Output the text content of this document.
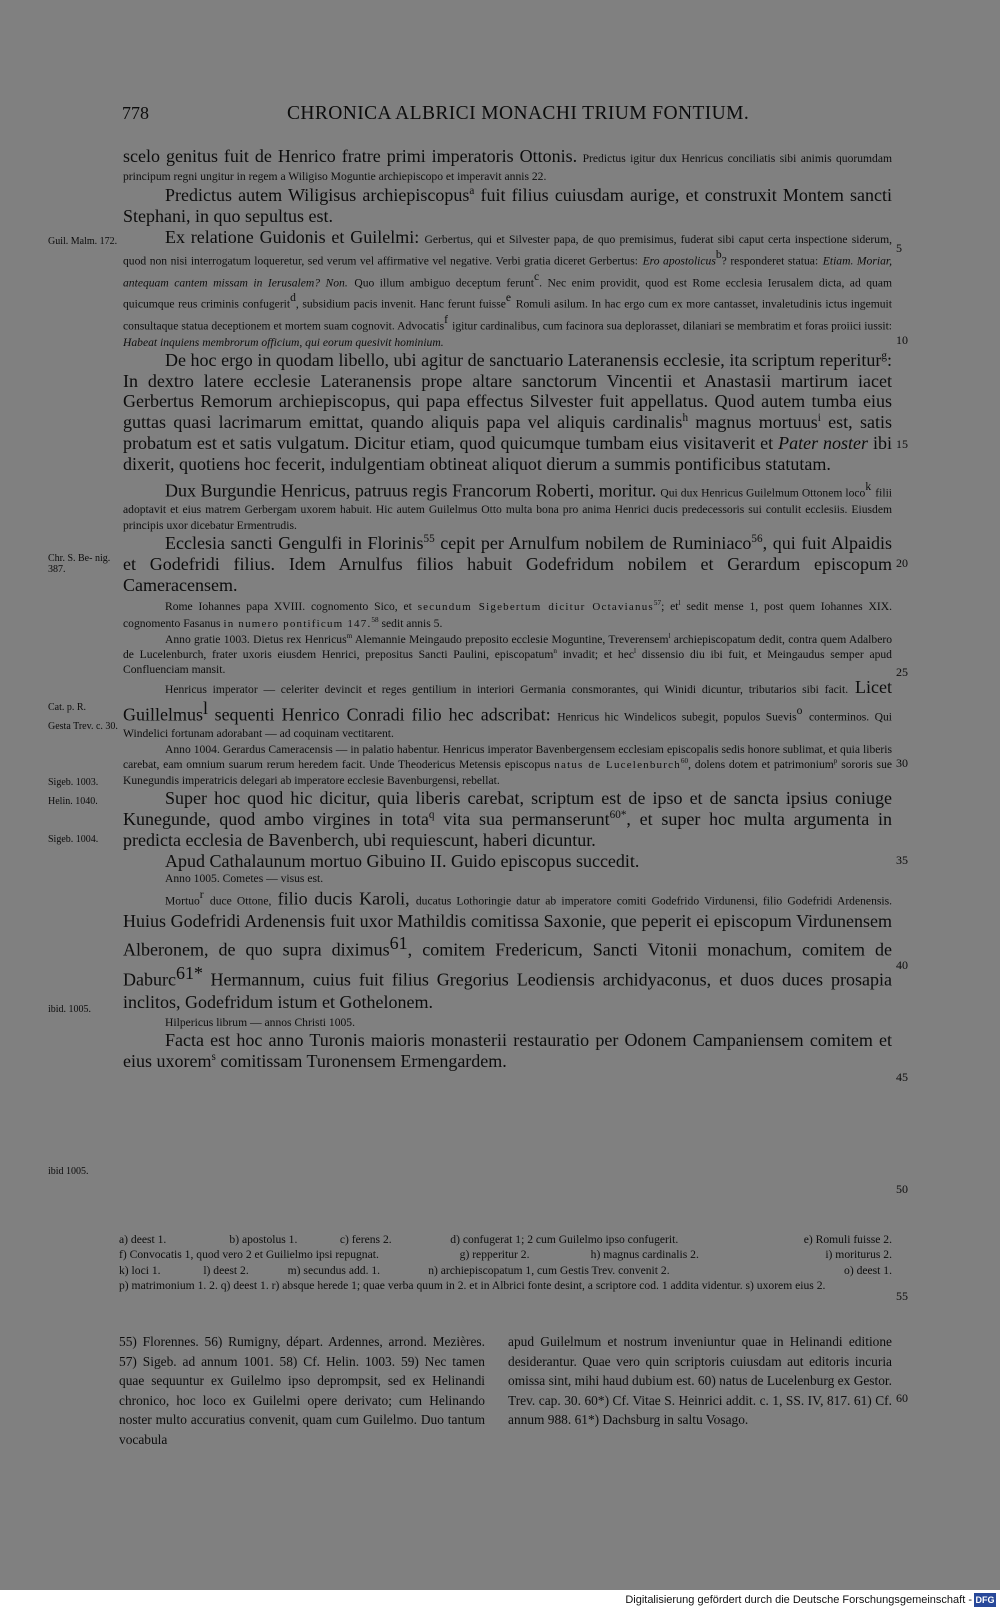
778	CHRONICA ALBRICI MONACHI TRIUM FONTIUM.
Guil. Malm. 172.
Chr. S. Be- nig. 387.
Cat. p. R.
Gesta Trev. c. 30.
Sigeb. 1003.
Helin. 1040.
Sigeb. 1004.
ibid. 1005.
ibid 1005.
5
10
15
20
25
30
35
40
45
50
55
60

scelo genitus fuit de Henrico fratre primi imperatoris Ottonis. Predictus igitur dux Henricus conciliatis sibi animis quorumdam principum regni ungitur in regem a Wiligiso Moguntie archiepiscopo et imperavit annis 22.

Predictus autem Wiligisus archiepiscopus$^a$ fuit filius cuiusdam aurige, et construxit Montem sancti Stephani, in quo sepultus est.

Ex relatione Guidonis et Guilelmi: Gerbertus, qui et Silvester papa, de quo premisimus, fuderat sibi caput certa inspectione siderum, quod non nisi interrogatum loqueretur, sed verum vel affirmative vel negative. Verbi gratia diceret Gerbertus: Ero apostolicus$^b$? responderet statua: Etiam. Moriar, antequam cantem missam in Ierusalem? Non. Quo illum ambiguo deceptum ferunt$^c$. Nec enim providit, quod est Rome ecclesia Ierusalem dicta, ad quam quicumque reus criminis confugerit$^d$, subsidium pacis invenit. Hanc ferunt fuisse$^e$ Romuli asilum. In hac ergo cum ex more cantasset, invaletudinis ictus ingemuit consultaque statua deceptionem et mortem suam cognovit. Advocatis$^f$ igitur cardinalibus, cum facinora sua deplorasset, dilaniari se membratim et foras proiici iussit: Habeat inquiens membrorum officium, qui eorum quesivit hominium.

De hoc ergo in quodam libello, ubi agitur de sanctuario Lateranensis ecclesie, ita scriptum reperitur$^g$: In dextro latere ecclesie Lateranensis prope altare sanctorum Vincentii et Anastasii martirum iacet Gerbertus Remorum archiepiscopus, qui papa effectus Silvester fuit appellatus. Quod autem tumba eius guttas quasi lacrimarum emittat, quando aliquis papa vel aliquis cardinalis$^h$ magnus mortuus$^i$ est, satis probatum est et satis vulgatum. Dicitur etiam, quod quicumque tumbam eius visitaverit et Pater noster ibi dixerit, quotiens hoc fecerit, indulgentiam obtineat aliquot dierum a summis pontificibus statutam.

Dux Burgundie Henricus, patruus regis Francorum Roberti, moritur. Qui dux Henricus Guilelmum Ottonem loco$^k$ filii adoptavit et eius matrem Gerbergam uxorem habuit. Hic autem Guilelmus Otto multa bona pro anima Henrici ducis predecessoris sui contulit ecclesiis. Eiusdem principis uxor dicebatur Ermentrudis.

Ecclesia sancti Gengulfi in Florinis$^{55}$ cepit per Arnulfum nobilem de Ruminiaco$^{56}$, qui fuit Alpaidis et Godefridi filius. Idem Arnulfus filios habuit Godefridum nobilem et Gerardum episcopum Cameracensem.

Rome Iohannes papa XVIII. cognomento Sico, et secundum Sigebertum dicitur Octavianus$^{57}$; $et^l$ sedit mense 1, post quem Iohannes XIX. cognomento Fasanus in numero pontificum 147.58 sedit annis 5.

Anno gratie 1003. Dietus rex Henricus$^m$ Alemannie Meingaudo preposito ecclesie Moguntine, Treverensem$^l$ archiepiscopatum dedit, contra quem Adalbero de Lucelenburch, frater uxoris eiusdem Henrici, prepositus Sancti Paulini, episcopatum$^n$ invadit; et hec$^l$ dissensio diu ibi fuit, et Meingaudus semper apud Confluenciam mansit.

Henricus imperator — celeriter devincit et reges gentilium in interiori Germania consmorantes, qui Winidi dicuntur, tributarios sibi facit. Licet Guillelmus$^l$ sequenti Henrico Conradi filio hec adscribat: Henricus hic Windelicos subegit, populos Suevis$^o$ conterminos. Qui Windelici fortunam adorabant — ad coquinam vectitarent.

Anno 1004. Gerardus Cameracensis — in palatio habentur. Henricus imperator Bavenbergensem ecclesiam episcopalis sedis honore sublimat, et quia liberis carebat, eam omnium suarum rerum heredem facit. Unde Theodericus Metensis episcopus natus de Lucelenburch$^{60}$, dolens dotem et patrimonium$^p$ sororis sue Kunegundis imperatricis delegari ab imperatore ecclesie Bavenburgensi, rebellat.

Super hoc quod hic dicitur, quia liberis carebat, scriptum est de ipso et de sancta ipsius coniuge Kunegunde, quod ambo virgines in tota$^q$ vita sua permanserunt$^{60*}$, et super hoc multa argumenta in predicta ecclesia de Bavenberch, ubi requiescunt, haberi dicuntur.

Apud Cathalaunum mortuo Gibuino II. Guido episcopus succedit.

Anno 1005. Cometes — visus est.

Mortuo$^r$ duce Ottone, filio ducis Karoli, ducatus Lothoringie datur ab imperatore comiti Godefrido Virdunensi, filio Godefridi Ardenensis. Huius Godefridi Ardenensis fuit uxor Mathildis comitissa Saxonie, que peperit ei episcopum Virdunensem Alberonem, de quo supra diximus$^{61}$, comitem Fredericum, Sancti Vitonii monachum, comitem de Daburc$^{61*}$ Hermannum, cuius fuit filius Gregorius Leodiensis archidyaconus, et duos duces prosapia inclitos, Godefridum istum et Gothelonem.

Hilpericus librum — annos Christi 1005.

Facta est hoc anno Turonis maioris monasterii restauratio per Odonem Campaniensem comitem et eius uxorem$^s$ comitissam Turonensem Ermengardem.

a) deest 1.	b) apostolus 1.	c) ferens 2.	d) confugerat 1; 2 cum Guilelmo ipso confugerit.	e) Romuli fuisse 2.
f) Convocatis 1, quod vero 2 et Guilielmo ipsi repugnat.	g) repperitur 2.	h) magnus cardinalis 2.	i) moriturus 2.
k) loci 1.	l) deest 2.	m) secundus add. 1.	n) archiepiscopatum 1, cum Gestis Trev. convenit 2.	o) deest 1.
p) matrimonium 1. 2. q) deest 1. r) absque herede 1; quae verba quum in 2. et in Albrici fonte desint, a scriptore cod. 1 addita videntur. s) uxorem eius 2.
55) Florennes. 56) Rumigny, départ. Ardennes, arrond. Mezières. 57) Sigeb. ad annum 1001. 58) Cf. Helin. 1003. 59) Nec tamen quae sequuntur ex Guilelmo ipso deprompsit, sed ex Helinandi chronico, hoc loco ex Guilelmi opere derivato; cum Helinando noster multo accuratius convenit, quam cum Guilelmo. Duo tantum vocabula
apud Guilelmum et nostrum inveniuntur quae in Helinandi editione desiderantur. Quae vero quin scriptoris cuiusdam aut editoris incuria omissa sint, mihi haud dubium est. 60) natus de Lucelenburg ex Gestor. Trev. cap. 30. 60*) Cf. Vitae S. Heinrici addit. c. 1, SS. IV, 817. 61) Cf. annum 988. 61*) Dachsburg in saltu Vosago.
Digitalisierung gefördert durch die Deutsche Forschungsgemeinschaft - DFG
